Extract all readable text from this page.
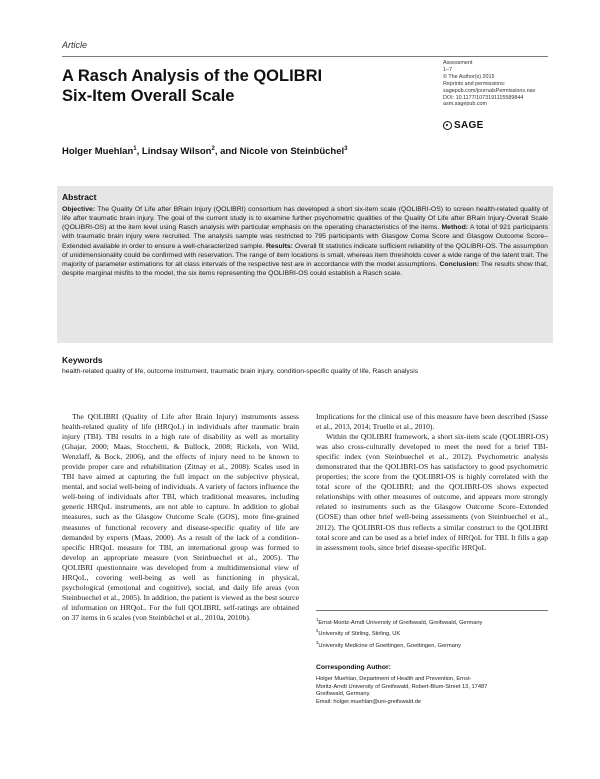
Article
A Rasch Analysis of the QOLIBRI
Six-Item Overall Scale
Assessment
1–7
© The Author(s) 2015
Reprints and permissions:
sagepub.com/journalsPermissions.nav
DOI: 10.1177/1073191115589844
asm.sagepub.com
SAGE
Holger Muehlan$^1$, Lindsay Wilson$^2$, and Nicole von Steinbüchel$^3$
Abstract
Objective: The Quality Of Life after BRain Injury (QOLIBRI) consortium has developed a short six-item scale (QOLIBRI-OS) to screen health-related quality of life after traumatic brain injury. The goal of the current study is to examine further psychometric qualities of the Quality Of Life after BRain Injury-Overall Scale (QOLIBRI-OS) at the item level using Rasch analysis with particular emphasis on the operating characteristics of the items. Method: A total of 921 participants with traumatic brain injury were recruited. The analysis sample was restricted to 795 participants with Glasgow Coma Score and Glasgow Outcome Score–Extended available in order to ensure a well-characterized sample. Results: Overall fit statistics indicate sufficient reliability of the QOLIBRI-OS. The assumption of unidimensionality could be confirmed with reservation. The range of item locations is small, whereas item thresholds cover a wide range of the latent trait. The majority of parameter estimations for all class intervals of the respective test are in accordance with the model assumptions. Conclusion: The results show that, despite marginal misfits to the model, the six items representing the QOLIBRI-OS could establish a Rasch scale.
Keywords
health-related quality of life, outcome instrument, traumatic brain injury, condition-specific quality of life, Rasch analysis
The QOLIBRI (Quality of Life after Brain Injury) instruments assess health-related quality of life (HRQoL) in individuals after traumatic brain injury (TBI). TBI results in a high rate of disability as well as mortality (Ghajar, 2000; Maas, Stocchetti, & Bullock, 2008; Rickels, von Wild, Wenzlaff, & Bock, 2006), and the effects of injury need to be known to provide proper care and rehabilitation (Zitnay et al., 2008). Scales used in TBI have aimed at capturing the full impact on the subjective physical, mental, and social well-being of individuals. A variety of factors influence the well-being of individuals after TBI, which traditional measures, including generic HRQoL instruments, are not able to capture. In addition to global measures, such as the Glasgow Outcome Scale (GOS), more fine-grained measures of functional recovery and disease-specific quality of life are demanded by experts (Maas, 2000). As a result of the lack of a condition-specific HRQoL measure for TBI, an international group was formed to develop an appropriate measure (von Steinbuechel et al., 2005). The QOLIBRI questionnaire was developed from a multidimensional view of HRQoL, covering well-being as well as functioning in physical, psychological (emotional and cognitive), social, and daily life areas (von Steinbuechel et al., 2005). In addition, the patient is viewed as the best source of information on HRQoL. For the full QOLIBRI, self-ratings are obtained on 37 items in 6 scales (von Steinbüchel et al., 2010a, 2010b).

Implications for the clinical use of this measure have been described (Sasse et al., 2013, 2014; Truelle et al., 2010).

Within the QOLIBRI framework, a short six-item scale (QOLIBRI-OS) was also cross-culturally developed to meet the need for a brief TBI-specific index (von Steinbuechel et al., 2012). Psychometric analysis demonstrated that the QOLIBRI-OS has satisfactory to good psychometric properties; the score from the QOLIBRI-OS is highly correlated with the total score of the QOLIBRI; and the QOLIBRI-OS shows expected relationships with other measures of outcome, and appears more strongly related to instruments such as the Glasgow Outcome Score–Extended (GOSE) than other brief well-being assessments (von Steinbuechel et al., 2012). The QOLIBRI-OS thus reflects a similar construct to the QOLIBRI total score and can be used as a brief index of HRQoL for TBI. It fills a gap in assessment tools, since brief disease-specific HRQoL

$^1$Ernst-Moritz-Arndt University of Greifswald, Greifswald, Germany
$^2$University of Stirling, Stirling, UK
$^3$University Medicine of Goettingen, Goettingen, Germany
Corresponding Author:
Holger Muehlan, Department of Health and Prevention, Ernst-
Moritz-Arndt University of Greifswald, Robert-Blum-Street 13, 17487
Greifswald, Germany.
Email: holger.muehlan@uni-greifswald.de
